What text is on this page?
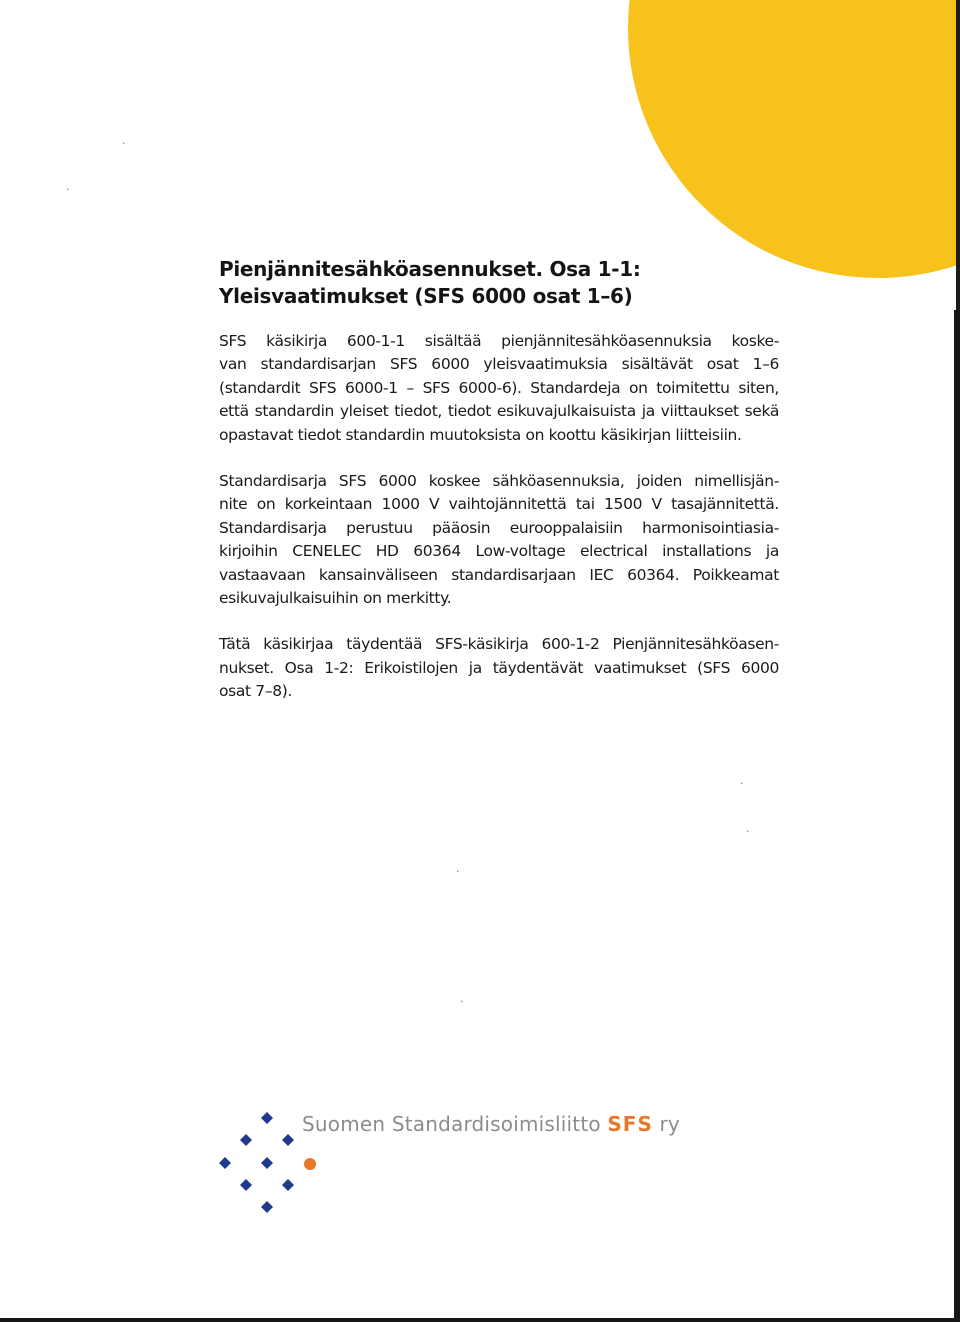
Pienjännitesähköasennukset. Osa 1-1:
Yleisvaatimukset (SFS 6000 osat 1–6)

SFS käsikirja 600-1-1 sisältää pienjännitesähköasennuksia koske-
van standardisarjan SFS 6000 yleisvaatimuksia sisältävät osat 1–6
(standardit SFS 6000-1 – SFS 6000-6). Standardeja on toimitettu siten,
että standardin yleiset tiedot, tiedot esikuvajulkaisuista ja viittaukset sekä
opastavat tiedot standardin muutoksista on koottu käsikirjan liitteisiin.

Standardisarja SFS 6000 koskee sähköasennuksia, joiden nimellisjän-
nite on korkeintaan 1000 V vaihtojännitettä tai 1500 V tasajännitettä.
Standardisarja perustuu pääosin eurooppalaisiin harmonisointiasia-
kirjoihin CENELEC HD 60364 Low-voltage electrical installations ja
vastaavaan kansainväliseen standardisarjaan IEC 60364. Poikkeamat
esikuvajulkaisuihin on merkitty.

Tätä käsikirjaa täydentää SFS-käsikirja 600-1-2 Pienjännitesähköasen-
nukset. Osa 1-2: Erikoistilojen ja täydentävät vaatimukset (SFS 6000
osat 7–8).

Suomen Standardisoimisliitto SFS ry
·
·
·
·
·
·
